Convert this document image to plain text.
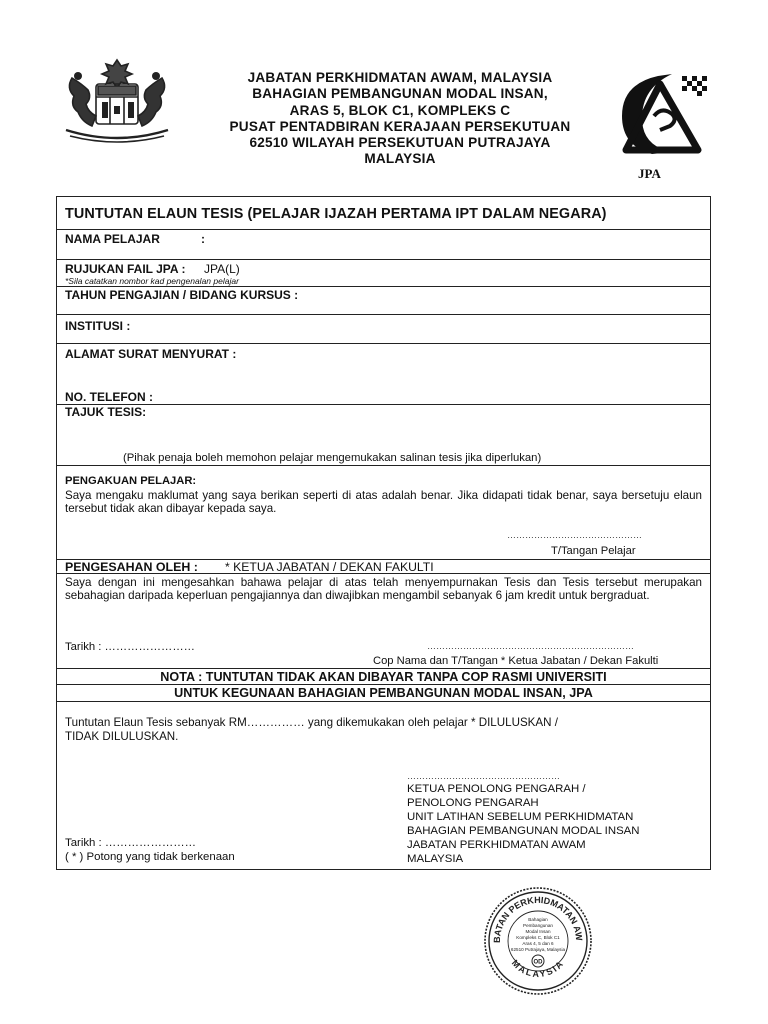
JABATAN PERKHIDMATAN AWAM, MALAYSIA
BAHAGIAN PEMBANGUNAN MODAL INSAN,
ARAS 5, BLOK C1, KOMPLEKS C
PUSAT PENTADBIRAN KERAJAAN PERSEKUTUAN
62510 WILAYAH PERSEKUTUAN PUTRAJAYA
MALAYSIA
JPA
TUNTUTAN ELAUN TESIS (PELAJAR IJAZAH PERTAMA IPT DALAM NEGARA)
NAMA PELAJAR	:
RUJUKAN FAIL JPA : JPA(L)
*Sila catatkan nombor kad pengenalan pelajar
TAHUN PENGAJIAN / BIDANG KURSUS :
INSTITUSI :
ALAMAT SURAT MENYURAT :
NO. TELEFON :
TAJUK TESIS:
(Pihak penaja boleh memohon pelajar mengemukakan salinan tesis jika diperlukan)
PENGAKUAN PELAJAR:
Saya mengaku maklumat yang saya berikan seperti di atas adalah benar. Jika didapati tidak benar, saya bersetuju elaun tersebut tidak akan dibayar kepada saya.
………………………………………
T/Tangan Pelajar
PENGESAHAN OLEH : * KETUA JABATAN / DEKAN FAKULTI
Saya dengan ini mengesahkan bahawa pelajar di atas telah menyempurnakan Tesis dan Tesis tersebut merupakan sebahagian daripada keperluan pengajiannya dan diwajibkan mengambil sebanyak 6 jam kredit untuk bergraduat.
Tarikh : ……………………	……………………………………………………………
Cop Nama dan T/Tangan * Ketua Jabatan / Dekan Fakulti
NOTA : TUNTUTAN TIDAK AKAN DIBAYAR TANPA COP RASMI UNIVERSITI
UNTUK KEGUNAAN BAHAGIAN PEMBANGUNAN MODAL INSAN, JPA
Tuntutan Elaun Tesis sebanyak RM…………… yang dikemukakan oleh pelajar * DILULUSKAN /
TIDAK DILULUSKAN.
……………………………………………
KETUA PENOLONG PENGARAH /
PENOLONG PENGARAH
UNIT LATIHAN SEBELUM PERKHIDMATAN
BAHAGIAN PEMBANGUNAN MODAL INSAN
JABATAN PERKHIDMATAN AWAM
MALAYSIA
Tarikh : ……………………
( * ) Potong yang tidak berkenaan
BATAN PERKHIDMATAN AW
MALAYSIA
Bahagian
Pembangunan
Modal Insan
Kompleks C, Blok C1
Aras 4, 5 dan 6
62510 Putrajaya, Malaysia
OD
